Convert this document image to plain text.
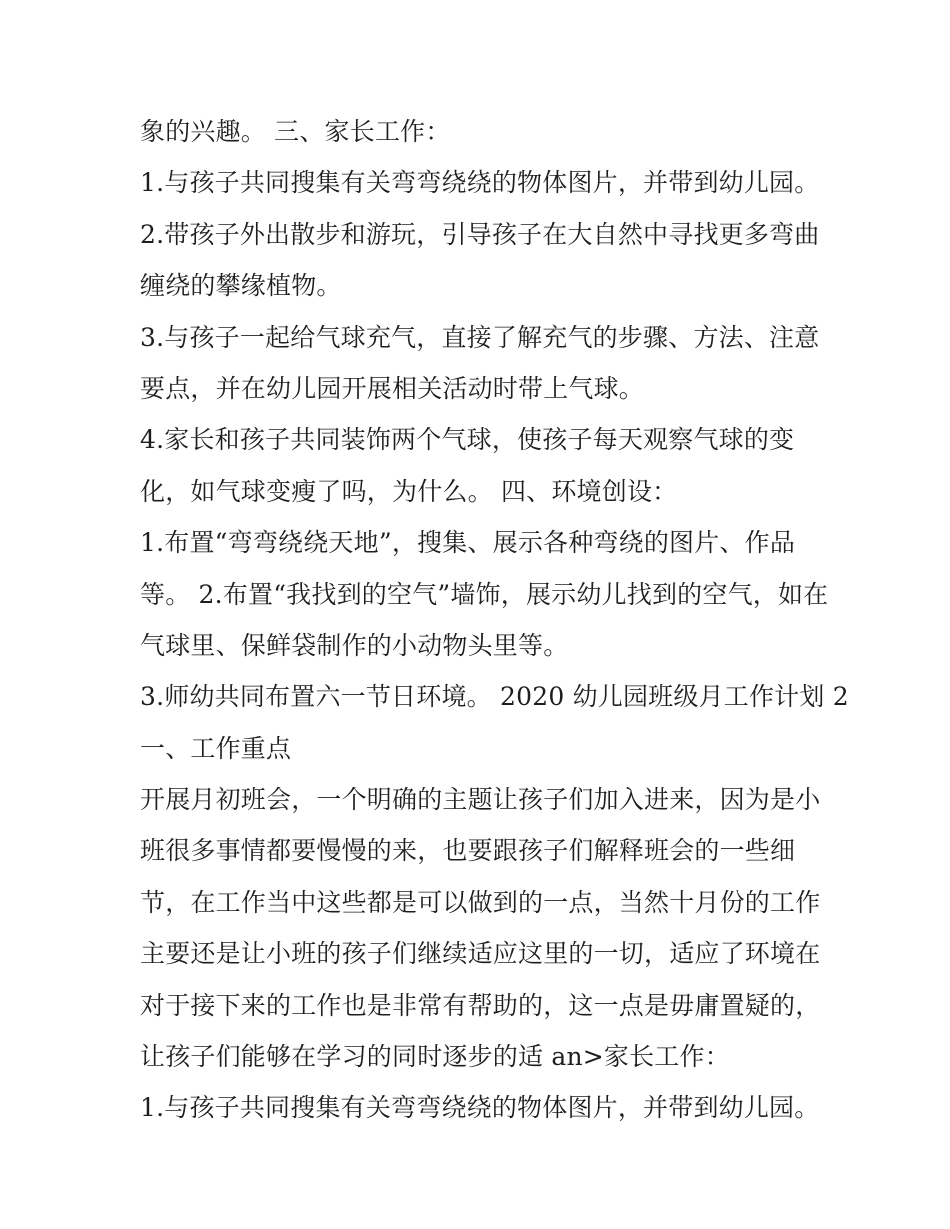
象的兴趣。 三、家长工作：
1.与孩子共同搜集有关弯弯绕绕的物体图片，并带到幼儿园。
2.带孩子外出散步和游玩，引导孩子在大自然中寻找更多弯曲
缠绕的攀缘植物。
3.与孩子一起给气球充气，直接了解充气的步骤、方法、注意
要点，并在幼儿园开展相关活动时带上气球。
4.家长和孩子共同装饰两个气球，使孩子每天观察气球的变
化，如气球变瘦了吗，为什么。 四、环境创设：
1.布置“弯弯绕绕天地”，搜集、展示各种弯绕的图片、作品
等。 2.布置“我找到的空气”墙饰，展示幼儿找到的空气，如在
气球里、保鲜袋制作的小动物头里等。
3.师幼共同布置六一节日环境。 2020 幼儿园班级月工作计划 2
一、工作重点
开展月初班会，一个明确的主题让孩子们加入进来，因为是小
班很多事情都要慢慢的来，也要跟孩子们解释班会的一些细
节，在工作当中这些都是可以做到的一点，当然十月份的工作
主要还是让小班的孩子们继续适应这里的一切，适应了环境在
对于接下来的工作也是非常有帮助的，这一点是毋庸置疑的，
让孩子们能够在学习的同时逐步的适 an>家长工作：
1.与孩子共同搜集有关弯弯绕绕的物体图片，并带到幼儿园。
